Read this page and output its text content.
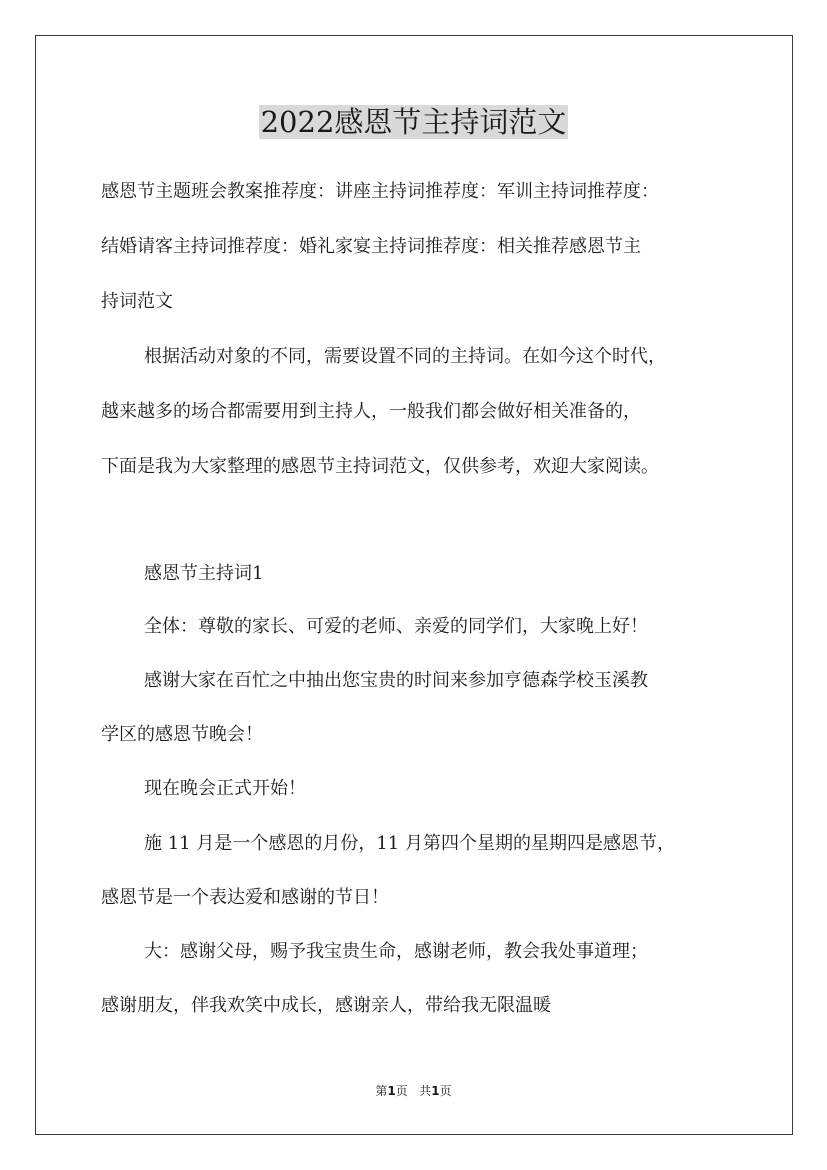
2022感恩节主持词范文
感恩节主题班会教案推荐度：讲座主持词推荐度：军训主持词推荐度：
结婚请客主持词推荐度：婚礼家宴主持词推荐度：相关推荐感恩节主
持词范文
根据活动对象的不同，需要设置不同的主持词。在如今这个时代，
越来越多的场合都需要用到主持人，一般我们都会做好相关准备的，
下面是我为大家整理的感恩节主持词范文，仅供参考，欢迎大家阅读。
感恩节主持词1
全体：尊敬的家长、可爱的老师、亲爱的同学们，大家晚上好！
感谢大家在百忙之中抽出您宝贵的时间来参加亨德森学校玉溪教
学区的感恩节晚会！
现在晚会正式开始！
施 11 月是一个感恩的月份，11 月第四个星期的星期四是感恩节，
感恩节是一个表达爱和感谢的节日！
大：感谢父母，赐予我宝贵生命，感谢老师，教会我处事道理；
感谢朋友，伴我欢笑中成长，感谢亲人，带给我无限温暖
第1页 共1页
